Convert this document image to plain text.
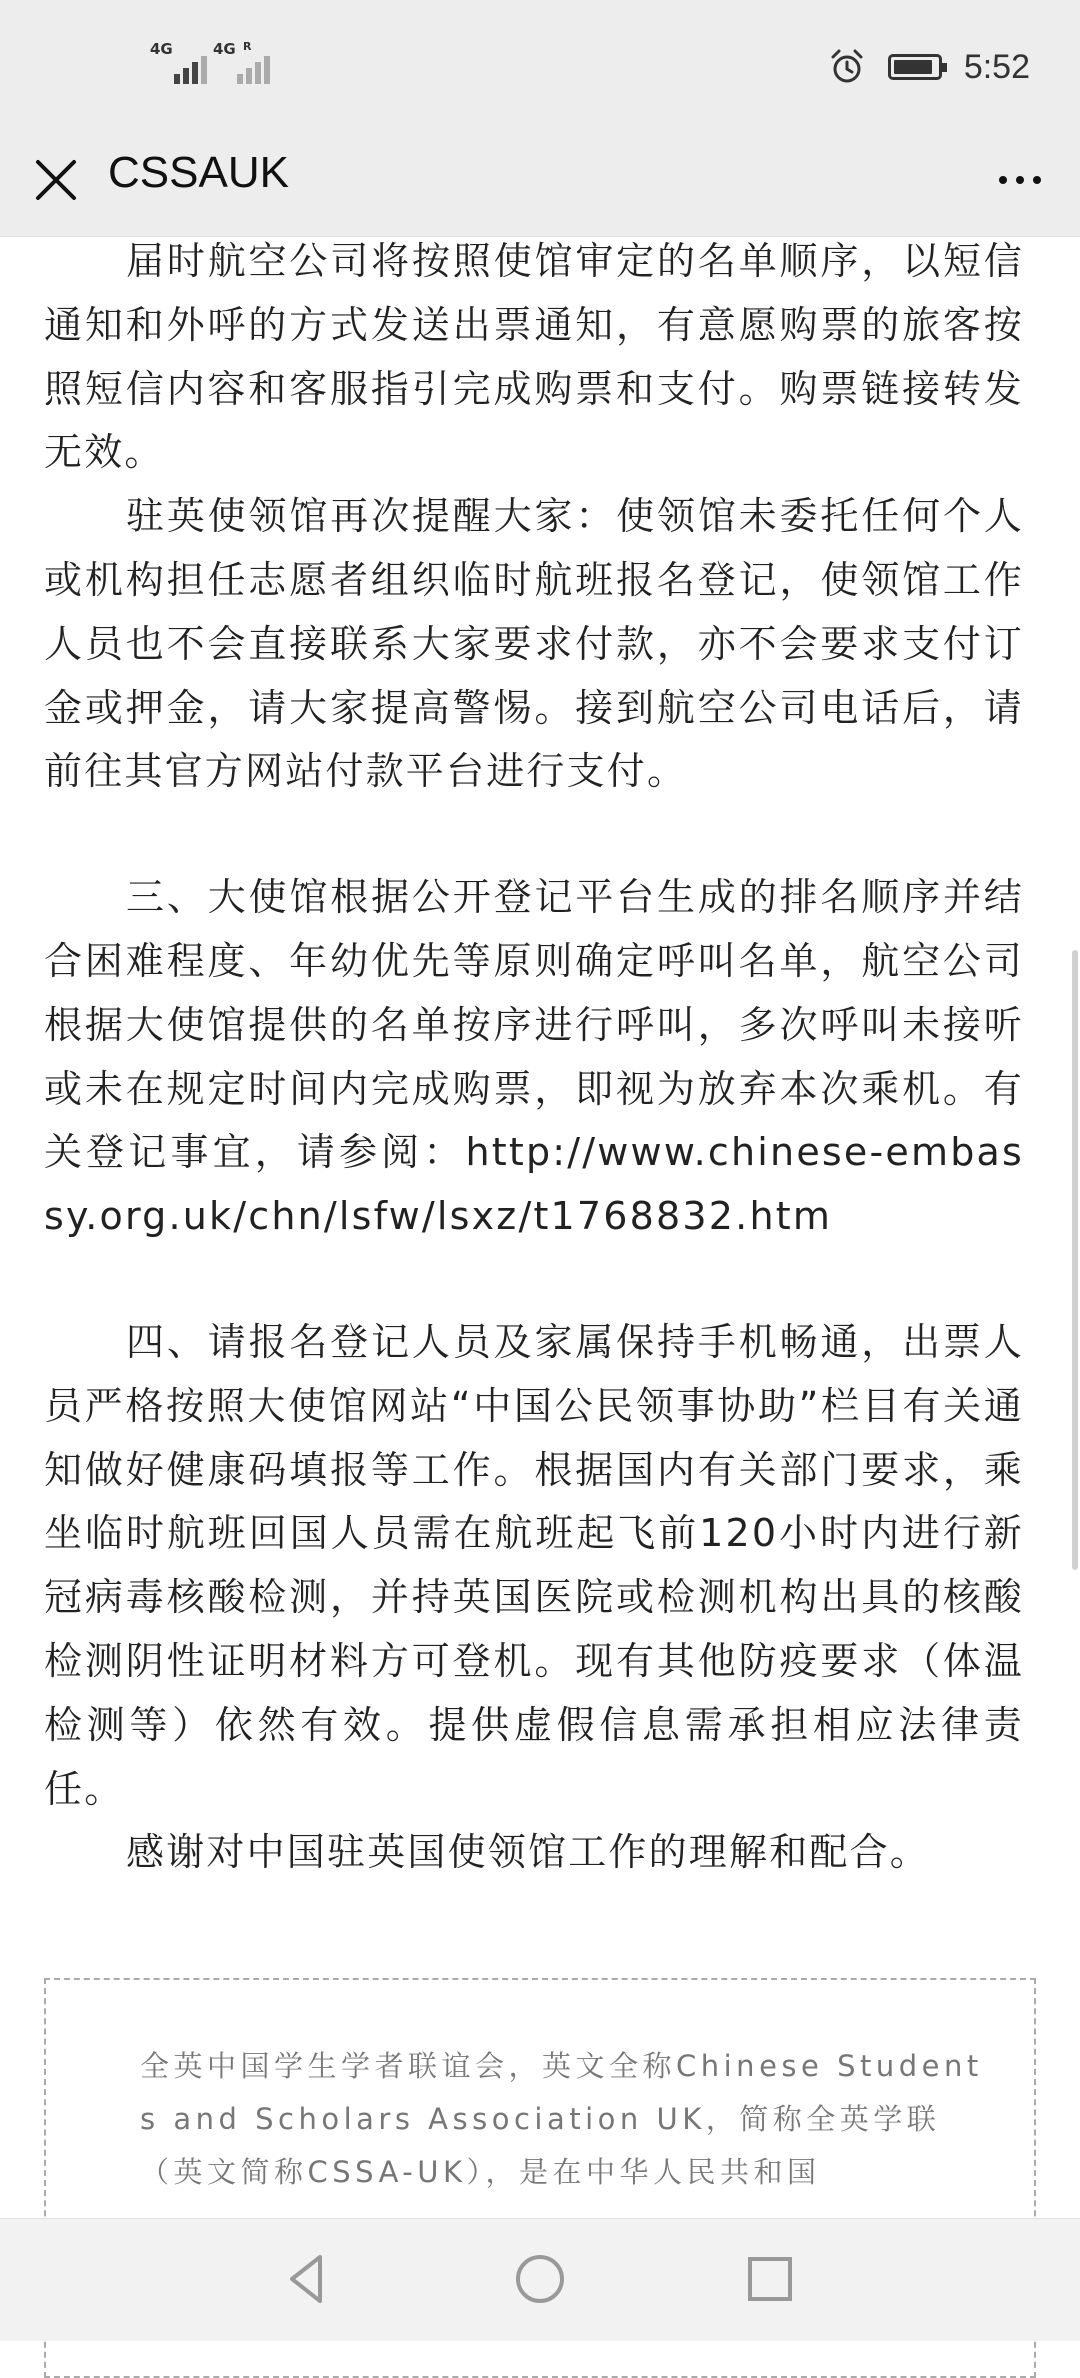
4G	4G R
5:52
CSSAUK

届时航空公司将按照使馆审定的名单顺序，以短信通知和外呼的方式发送出票通知，有意愿购票的旅客按照短信内容和客服指引完成购票和支付。购票链接转发无效。

驻英使领馆再次提醒大家：使领馆未委托任何个人或机构担任志愿者组织临时航班报名登记，使领馆工作人员也不会直接联系大家要求付款，亦不会要求支付订金或押金，请大家提高警惕。接到航空公司电话后，请前往其官方网站付款平台进行支付。

三、大使馆根据公开登记平台生成的排名顺序并结合困难程度、年幼优先等原则确定呼叫名单，航空公司根据大使馆提供的名单按序进行呼叫，多次呼叫未接听或未在规定时间内完成购票，即视为放弃本次乘机。有关登记事宜，请参阅：http://www.chinese-embassy.org.uk/chn/lsfw/lsxz/t1768832.htm

四、请报名登记人员及家属保持手机畅通，出票人员严格按照大使馆网站“中国公民领事协助”栏目有关通知做好健康码填报等工作。根据国内有关部门要求，乘坐临时航班回国人员需在航班起飞前120小时内进行新冠病毒核酸检测，并持英国医院或检测机构出具的核酸检测阴性证明材料方可登机。现有其他防疫要求（体温检测等）依然有效。提供虚假信息需承担相应法律责任。

感谢对中国驻英国使领馆工作的理解和配合。

全英中国学生学者联谊会，英文全称Chinese Students and Scholars Association UK，简称全英学联（英文简称CSSA-UK），是在中华人民共和国
